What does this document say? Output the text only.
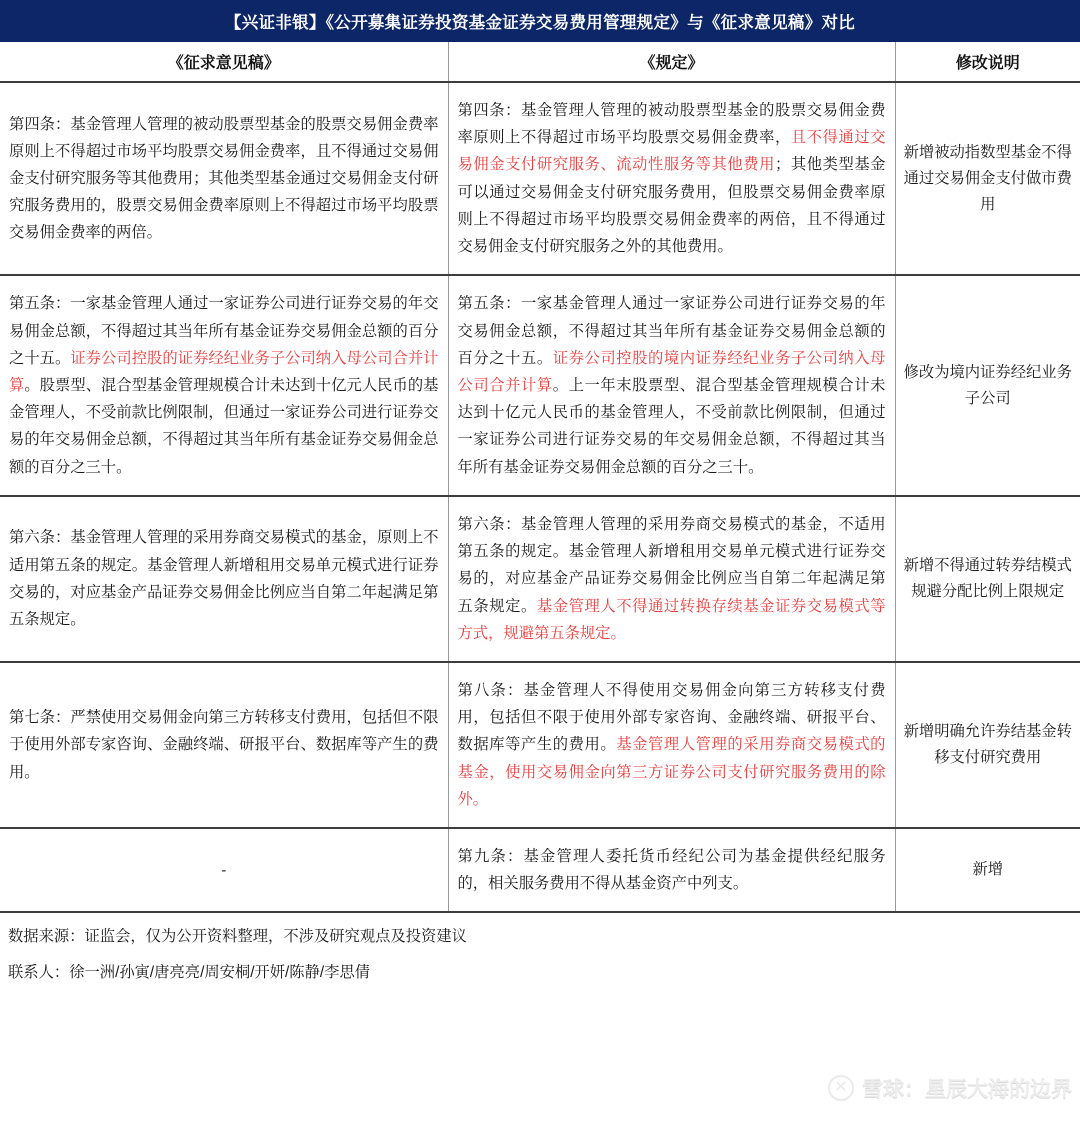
【兴证非银】《公开募集证券投资基金证券交易费用管理规定》与《征求意见稿》对比
《征求意见稿》	《规定》	修改说明
第四条：基金管理人管理的被动股票型基金的股票交易佣金费率原则上不得超过市场平均股票交易佣金费率，且不得通过交易佣金支付研究服务等其他费用；其他类型基金通过交易佣金支付研究服务费用的，股票交易佣金费率原则上不得超过市场平均股票交易佣金费率的两倍。	第四条：基金管理人管理的被动股票型基金的股票交易佣金费率原则上不得超过市场平均股票交易佣金费率，且不得通过交易佣金支付研究服务、流动性服务等其他费用；其他类型基金可以通过交易佣金支付研究服务费用，但股票交易佣金费率原则上不得超过市场平均股票交易佣金费率的两倍，且不得通过交易佣金支付研究服务之外的其他费用。	新增被动指数型基金不得通过交易佣金支付做市费用
第五条：一家基金管理人通过一家证券公司进行证券交易的年交易佣金总额，不得超过其当年所有基金证券交易佣金总额的百分之十五。证券公司控股的证券经纪业务子公司纳入母公司合并计算。股票型、混合型基金管理规模合计未达到十亿元人民币的基金管理人，不受前款比例限制，但通过一家证券公司进行证券交易的年交易佣金总额，不得超过其当年所有基金证券交易佣金总额的百分之三十。	第五条：一家基金管理人通过一家证券公司进行证券交易的年交易佣金总额，不得超过其当年所有基金证券交易佣金总额的百分之十五。证券公司控股的境内证券经纪业务子公司纳入母公司合并计算。上一年末股票型、混合型基金管理规模合计未达到十亿元人民币的基金管理人，不受前款比例限制，但通过一家证券公司进行证券交易的年交易佣金总额，不得超过其当年所有基金证券交易佣金总额的百分之三十。	修改为境内证券经纪业务子公司
第六条：基金管理人管理的采用券商交易模式的基金，原则上不适用第五条的规定。基金管理人新增租用交易单元模式进行证券交易的，对应基金产品证券交易佣金比例应当自第二年起满足第五条规定。	第六条：基金管理人管理的采用券商交易模式的基金，不适用第五条的规定。基金管理人新增租用交易单元模式进行证券交易的，对应基金产品证券交易佣金比例应当自第二年起满足第五条规定。基金管理人不得通过转换存续基金证券交易模式等方式，规避第五条规定。	新增不得通过转券结模式规避分配比例上限规定
第七条：严禁使用交易佣金向第三方转移支付费用，包括但不限于使用外部专家咨询、金融终端、研报平台、数据库等产生的费用。	第八条：基金管理人不得使用交易佣金向第三方转移支付费用，包括但不限于使用外部专家咨询、金融终端、研报平台、数据库等产生的费用。基金管理人管理的采用券商交易模式的基金，使用交易佣金向第三方证券公司支付研究服务费用的除外。	新增明确允许券结基金转移支付研究费用
-	第九条：基金管理人委托货币经纪公司为基金提供经纪服务的，相关服务费用不得从基金资产中列支。	新增

数据来源：证监会，仅为公开资料整理，不涉及研究观点及投资建议

联系人：徐一洲/孙寅/唐亮亮/周安桐/开妍/陈静/李思倩

✕ 雪球：星辰大海的边界
